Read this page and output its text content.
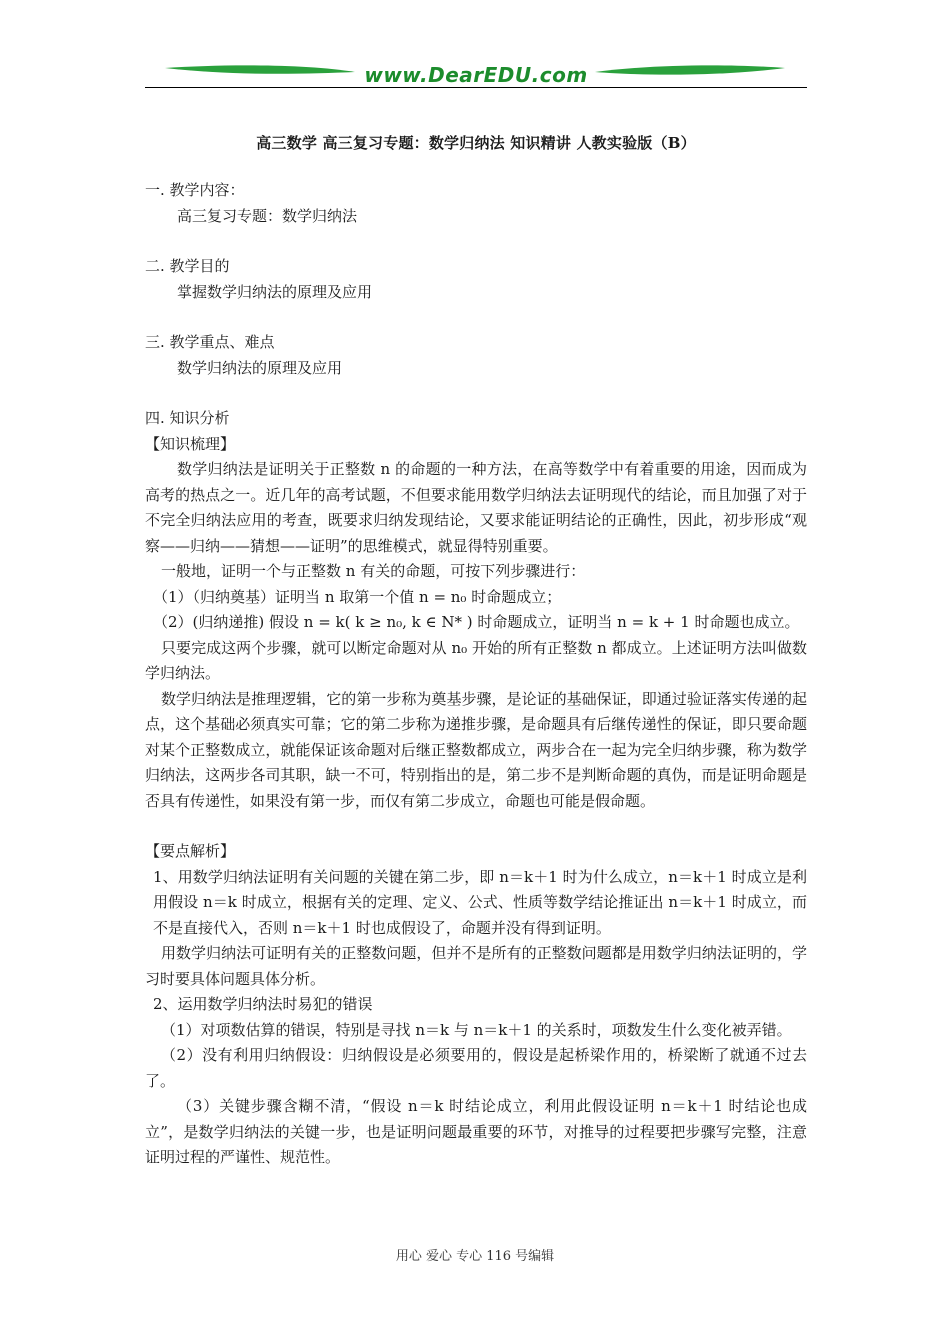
www.DearEDU.com
高三数学 高三复习专题：数学归纳法 知识精讲 人教实验版（B）

一. 教学内容：

高三复习专题：数学归纳法

二. 教学目的

掌握数学归纳法的原理及应用

三. 教学重点、难点

数学归纳法的原理及应用

四. 知识分析

【知识梳理】

数学归纳法是证明关于正整数 n 的命题的一种方法，在高等数学中有着重要的用途，因而成为高考的热点之一。近几年的高考试题，不但要求能用数学归纳法去证明现代的结论，而且加强了对于不完全归纳法应用的考查，既要求归纳发现结论，又要求能证明结论的正确性，因此，初步形成“观察——归纳——猜想——证明”的思维模式，就显得特别重要。

一般地，证明一个与正整数 n 有关的命题，可按下列步骤进行：

（1）（归纳奠基）证明当 n 取第一个值 n = n₀ 时命题成立；

（2）(归纳递推) 假设 n = k( k ≥ n₀, k ∈ N* ) 时命题成立，证明当 n = k + 1 时命题也成立。

只要完成这两个步骤，就可以断定命题对从 n₀ 开始的所有正整数 n 都成立。上述证明方法叫做数学归纳法。

数学归纳法是推理逻辑，它的第一步称为奠基步骤，是论证的基础保证，即通过验证落实传递的起点，这个基础必须真实可靠；它的第二步称为递推步骤，是命题具有后继传递性的保证，即只要命题对某个正整数成立，就能保证该命题对后继正整数都成立，两步合在一起为完全归纳步骤，称为数学归纳法，这两步各司其职，缺一不可，特别指出的是，第二步不是判断命题的真伪，而是证明命题是否具有传递性，如果没有第一步，而仅有第二步成立，命题也可能是假命题。

【要点解析】

1、用数学归纳法证明有关问题的关键在第二步，即 n＝k＋1 时为什么成立，n＝k＋1 时成立是利用假设 n＝k 时成立，根据有关的定理、定义、公式、性质等数学结论推证出 n＝k＋1 时成立，而不是直接代入，否则 n＝k＋1 时也成假设了，命题并没有得到证明。

用数学归纳法可证明有关的正整数问题，但并不是所有的正整数问题都是用数学归纳法证明的，学习时要具体问题具体分析。

2、运用数学归纳法时易犯的错误

（1）对项数估算的错误，特别是寻找 n＝k 与 n＝k＋1 的关系时，项数发生什么变化被弄错。

（2）没有利用归纳假设：归纳假设是必须要用的，假设是起桥梁作用的，桥梁断了就通不过去了。

（3）关键步骤含糊不清，“假设 n＝k 时结论成立，利用此假设证明 n＝k＋1 时结论也成立”，是数学归纳法的关键一步，也是证明问题最重要的环节，对推导的过程要把步骤写完整，注意证明过程的严谨性、规范性。

用心 爱心 专心 116 号编辑
